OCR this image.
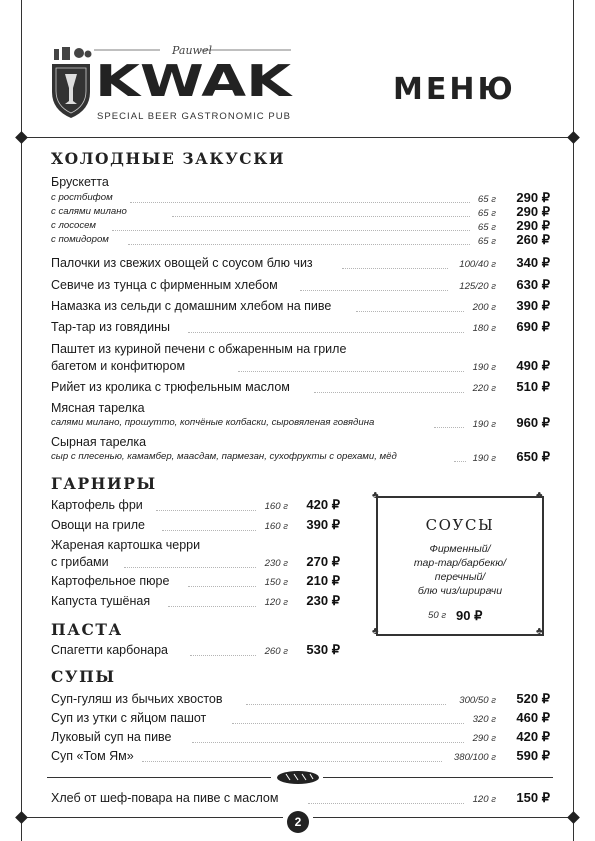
Pauwel
KWAK
SPECIAL BEER GASTRONOMIC PUB
МЕНЮ
ХОЛОДНЫЕ ЗАКУСКИ
Брускетта
с ростбифом	65 г	290 ₽
с салями милано	65 г	290 ₽
с лососем	65 г	290 ₽
с помидором	65 г	260 ₽
Палочки из свежих овощей с соусом блю чиз	100/40 г	340 ₽
Севиче из тунца с фирменным хлебом	125/20 г	630 ₽
Намазка из сельди с домашним хлебом на пиве	200 г	390 ₽
Тар-тар из говядины	180 г	690 ₽
Паштет из куриной печени с обжаренным на гриле
багетом и конфитюром	190 г	490 ₽
Рийет из кролика с трюфельным маслом	220 г	510 ₽
Мясная тарелка
салями милано, прошутто, копчёные колбаски, сыровяленая говядина	190 г	960 ₽
Сырная тарелка
сыр с плесенью, камамбер, маасдам, пармезан, сухофрукты с орехами, мёд	190 г	650 ₽
ГАРНИРЫ
Картофель фри	160 г	420 ₽
Овощи на гриле	160 г	390 ₽
Жареная картошка черри
с грибами	230 г	270 ₽
Картофельное пюре	150 г	210 ₽
Капуста тушёная	120 г	230 ₽
ПАСТА
Спагетти карбонара	260 г	530 ₽
СОУСЫ
Фирменный/
тар-тар/барбекю/
перечный/
блю чиз/шрирачи
50 г 90 ₽
♣	♣
♣	♣
СУПЫ
Суп-гуляш из бычьих хвостов	300/50 г	520 ₽
Суп из утки с яйцом пашот	320 г	460 ₽
Луковый суп на пиве	290 г	420 ₽
Суп «Том Ям»	380/100 г	590 ₽
Хлеб от шеф-повара на пиве с маслом	120 г	150 ₽
2
